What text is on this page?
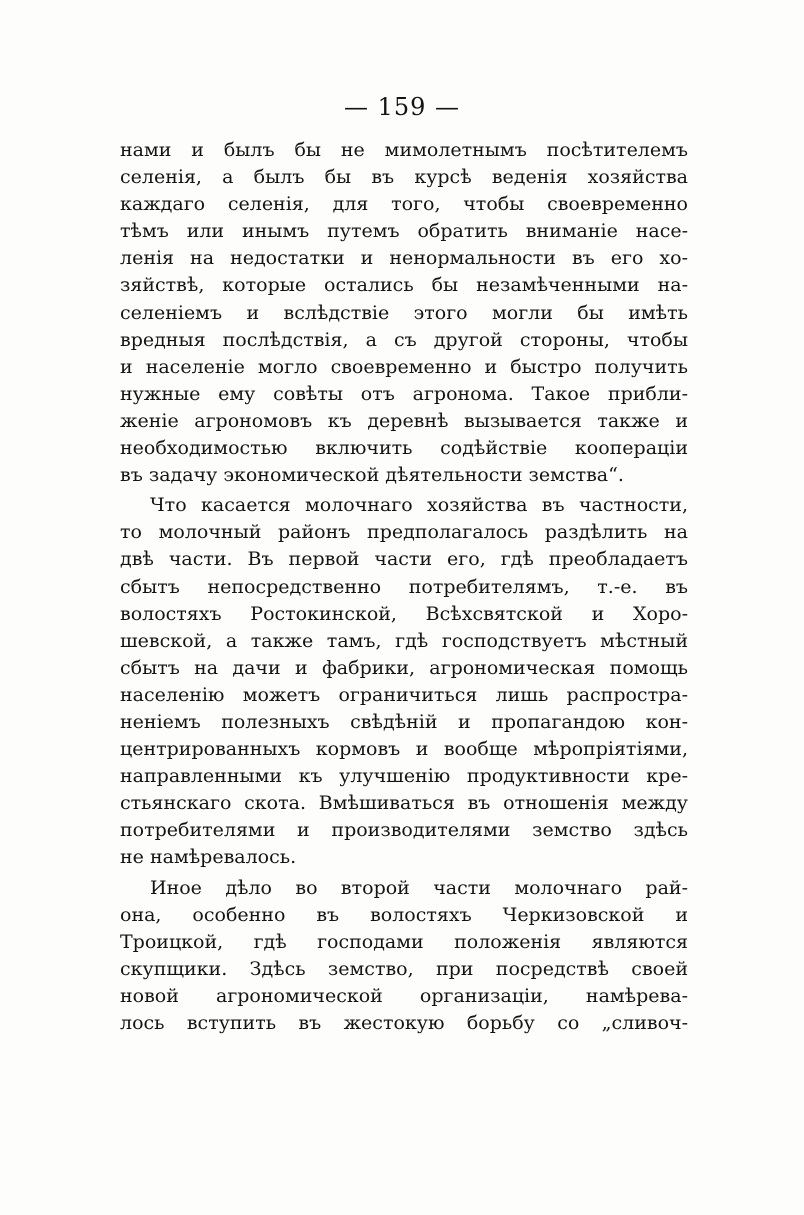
— 159 —

нами и былъ бы не мимолетнымъ посѣтителемъ
селенія, а былъ бы въ курсѣ веденія хозяйства
каждаго селенія, для того, чтобы своевременно
тѣмъ или инымъ путемъ обратить вниманіе насе-
ленія на недостатки и ненормальности въ его хо-
зяйствѣ, которые остались бы незамѣченными на-
селеніемъ и вслѣдствіе этого могли бы имѣть
вредныя послѣдствія, а съ другой стороны, чтобы
и населеніе могло своевременно и быстро получить
нужные ему совѣты отъ агронома. Такое прибли-
женіе агрономовъ къ деревнѣ вызывается также и
необходимостью включить содѣйствіе коопераціи
въ задачу экономической дѣятельности земства“.

Что касается молочнаго хозяйства въ частности,
то молочный районъ предполагалось раздѣлить на
двѣ части. Въ первой части его, гдѣ преобладаетъ
сбытъ непосредственно потребителямъ, т.-е. въ
волостяхъ Ростокинской, Всѣхсвятской и Хоро-
шевской, а также тамъ, гдѣ господствуетъ мѣстный
сбытъ на дачи и фабрики, агрономическая помощь
населенію можетъ ограничиться лишь распростра-
неніемъ полезныхъ свѣдѣній и пропагандою кон-
центрированныхъ кормовъ и вообще мѣропріятіями,
направленными къ улучшенію продуктивности кре-
стьянскаго скота. Вмѣшиваться въ отношенія между
потребителями и производителями земство здѣсь
не намѣревалось.

Иное дѣло во второй части молочнаго рай-
она, особенно въ волостяхъ Черкизовской и
Троицкой, гдѣ господами положенія являются
скупщики. Здѣсь земство, при посредствѣ своей
новой агрономической организаціи, намѣрева-
лось вступить въ жестокую борьбу со „сливоч-
